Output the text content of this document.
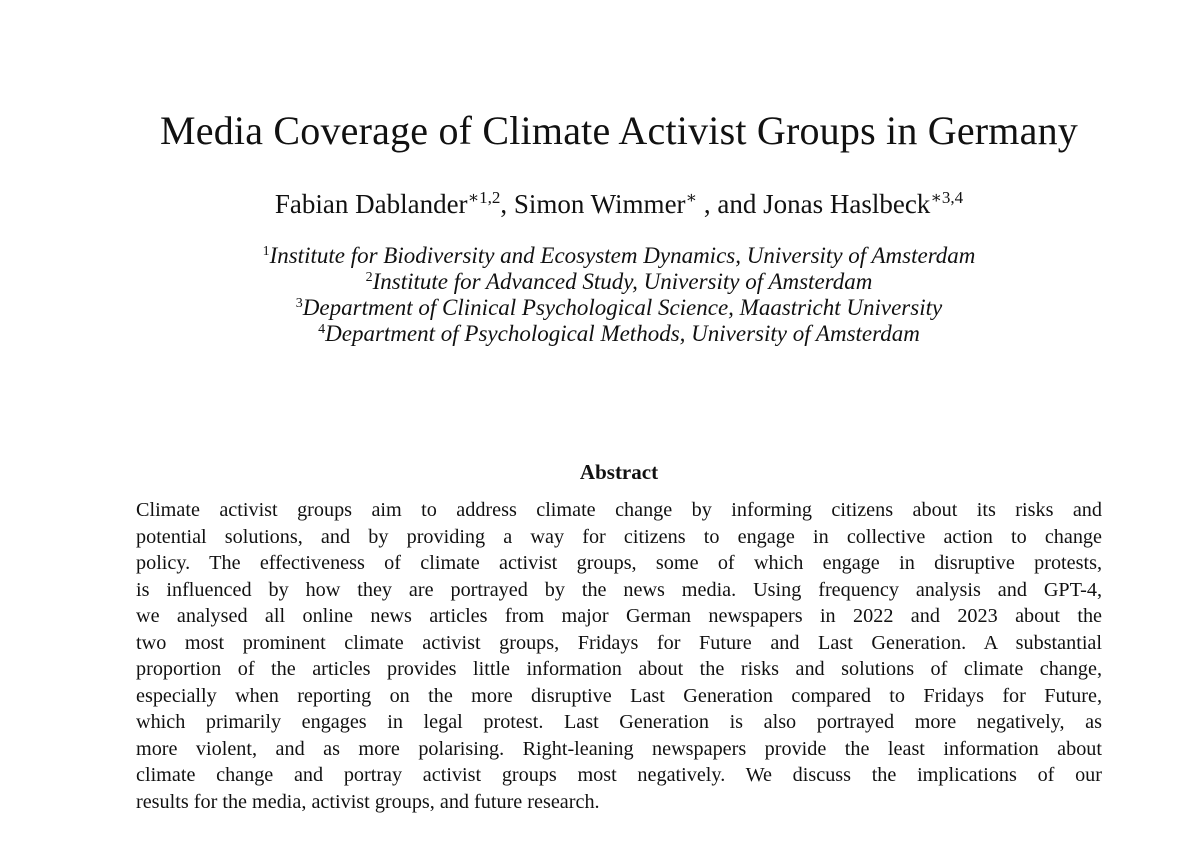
Media Coverage of Climate Activist Groups in Germany
Fabian Dablander$^{∗1,2}$, Simon Wimmer∗ , and Jonas Haslbeck$^{∗3,4}$
$^1$Institute for Biodiversity and Ecosystem Dynamics, University of Amsterdam
$^2$Institute for Advanced Study, University of Amsterdam
$^3$Department of Clinical Psychological Science, Maastricht University
$^4$Department of Psychological Methods, University of Amsterdam
Abstract
Climate activist groups aim to address climate change by informing citizens about its risks and
potential solutions, and by providing a way for citizens to engage in collective action to change
policy. The effectiveness of climate activist groups, some of which engage in disruptive protests,
is influenced by how they are portrayed by the news media. Using frequency analysis and GPT-4,
we analysed all online news articles from major German newspapers in 2022 and 2023 about the
two most prominent climate activist groups, Fridays for Future and Last Generation. A substantial
proportion of the articles provides little information about the risks and solutions of climate change,
especially when reporting on the more disruptive Last Generation compared to Fridays for Future,
which primarily engages in legal protest. Last Generation is also portrayed more negatively, as
more violent, and as more polarising. Right-leaning newspapers provide the least information about
climate change and portray activist groups most negatively. We discuss the implications of our
results for the media, activist groups, and future research.
